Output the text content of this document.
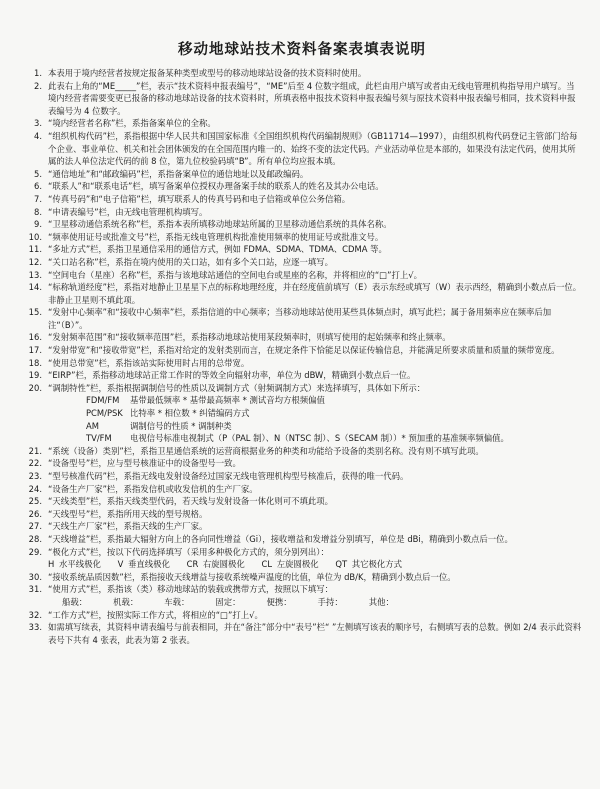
移动地球站技术资料备案表填表说明
1. 本表用于境内经营者按规定报备某种类型或型号的移动地球站设备的技术资料时使用。
2. 此表右上角的“ME_____”栏，表示“技术资料申报表编号”，“ME”后至 4 位数字组成，此栏由用户填写或者由无线电管理机构指导用户填写。当境内经营者需要变更已报备的移动地球站设备的技术资料时，所填表格申报技术资料申报表编号须与原技术资料申报表编号相同，技术资料申报表编号为 4 位数字。
3. “境内经营者名称”栏，系指备案单位的全称。
4. “组织机构代码”栏，系指根据中华人民共和国国家标准《全国组织机构代码编制规则》（GB11714—1997），由组织机构代码登记主管部门给每个企业、事业单位、机关和社会团体颁发的在全国范围内唯一的、始终不变的法定代码。产业活动单位是本部的，如果没有法定代码，使用其所属的法人单位法定代码的前 8 位，第九位校验码填“B”。所有单位均应报本填。
5. “通信地址”和“邮政编码”栏，系指备案单位的通信地址以及邮政编码。
6. “联系人”和“联系电话”栏，填写备案单位授权办理备案手续的联系人的姓名及其办公电话。
7. “传真号码”和“电子信箱”栏，填写联系人的传真号码和电子信箱或单位公务信箱。
8. “申请表编号”栏，由无线电管理机构填写。
9. “卫星移动通信系统名称”栏，系指本表所填移动地球站所属的卫星移动通信系统的具体名称。
10. “频率使用证号或批准文号”栏，系指无线电管理机构批准使用频率的使用证号或批准文号。
11. “多址方式”栏，系指卫星通信采用的通信方式，例如 FDMA、SDMA、TDMA、CDMA 等。
12. “关口站名称”栏，系指在境内使用的关口站，如有多个关口站，应逐一填写。
13. “空间电台（星座）名称”栏，系指与该地球站通信的空间电台或星座的名称，并将相应的“□”打上√。
14. “标称轨道经度”栏，系指对地静止卫星星下点的标称地理经度，并在经度值前填写（E）表示东经或填写（W）表示西经，精确到小数点后一位。非静止卫星则不填此项。
15. “发射中心频率”和“接收中心频率”栏，系指信道的中心频率；当移动地球站使用某些具体频点时，填写此栏；属于备用频率应在频率后加注“（B）”。
16. “发射频率范围”和“接收频率范围”栏，系指移动地球站使用某段频率时，则填写使用的起始频率和终止频率。
17. “发射带宽”和“接收带宽”栏，系指对给定的发射类别而言，在规定条件下恰能足以保证传输信息，并能满足所要求质量和质量的频带宽度。
18. “使用总带宽”栏，系指该站实际使用时占用的总带宽。
19. “EIRP”栏，系指移动地球站正常工作时的等效全向辐射功率，单位为 dBW，精确到小数点后一位。
20. “调制特性”栏，系指根据调制信号的性质以及调制方式（射频调制方式）来选择填写，具体如下所示：
FDM/FM	基带最低频率 * 基带最高频率 * 测试音均方根频偏值
PCM/PSK 比特率 * 相位数 * 纠错编码方式
AM	调制信号的性质 * 调制种类
TV/FM	电视信号标准电视制式（P（PAL 制）、N（NTSC 制）、S（SECAM 制））* 预加重的基准频率频偏值。
21. “系统（设备）类别”栏，系指卫星通信系统的运营商根据业务的种类和功能给予设备的类别名称。没有则不填写此项。
22. “设备型号”栏，应与型号核准证中的设备型号一致。
23. “型号核准代码”栏，系指无线电发射设备经过国家无线电管理机构型号核准后，获得的唯一代码。
24. “设备生产厂家”栏，系指发信机或收发信机的生产厂家。
25. “天线类型”栏，系指天线类型代码，若天线与发射设备一体化则可不填此项。
26. “天线型号”栏，系指所用天线的型号规格。
27. “天线生产厂家”栏，系指天线的生产厂家。
28. “天线增益”栏，系指最大辐射方向上的各向同性增益（Gi），接收增益和发增益分别填写，单位是 dBi，精确到小数点后一位。
29. “极化方式”栏，按以下代码选择填写（采用多种极化方式的，须分别列出）：
H 水平线极化　　V 垂直线极化　　CR 右旋圆极化　　CL 左旋圆极化　　QT 其它极化方式
30. “接收系统品质因数”栏，系指接收天线增益与接收系统噪声温度的比值，单位为 dB/K，精确到小数点后一位。
31. “使用方式”栏，系指该（类）移动地球站的装载或携带方式，按照以下填写：
船载：	机载：	车载：	固定：	便携：	手持：	其他：
32. “工作方式”栏，按照实际工作方式，将相应的“□”打上√。
33. 如需填写续表，其资料申请表编号与前表相同，并在“备注”部分中“表号”栏“ ”左侧填写该表的顺序号，右侧填写表的总数。例如 2/4 表示此资料表号下共有 4 张表，此表为第 2 张表。
